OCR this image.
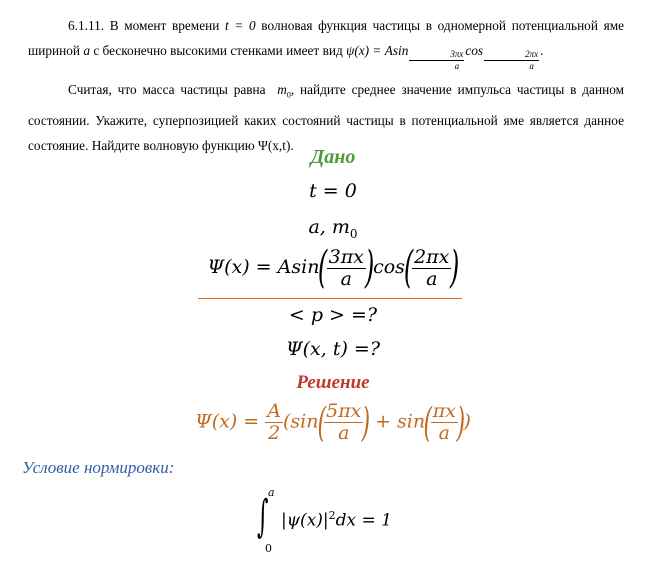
6.1.11. В момент времени t = 0 волновая функция частицы в одномерной потенциальной яме шириной a с бесконечно высокими стенками имеет вид ψ(x) = Asin $\frac{3\pi x}{a}$ $\cos \frac{2\pi x}{a}$ .

Считая, что масса частицы равна $m_0$, найдите среднее значение импульса частицы в данном состоянии. Укажите, суперпозицией каких состояний частицы в потенциальной яме является данное состояние. Найдите волновую функцию Ψ(x,t).

Дано
t = 0
a, $m_0$
Ψ(x) = Asin(
$\frac{3\pi x}{a}$
)cos(
$\frac{2\pi x}{a}$
)
< p > =?
Ψ(x, t) =?
Решение
$\Psi(x) = \frac{A}{2} (\sin$(
$\frac{5\pi x}{a}$
) + sin(
$\frac{\pi x}{a}$
))
Условие нормировки:
a
∫
0
$|\psi(x)|^2dx = 1$
